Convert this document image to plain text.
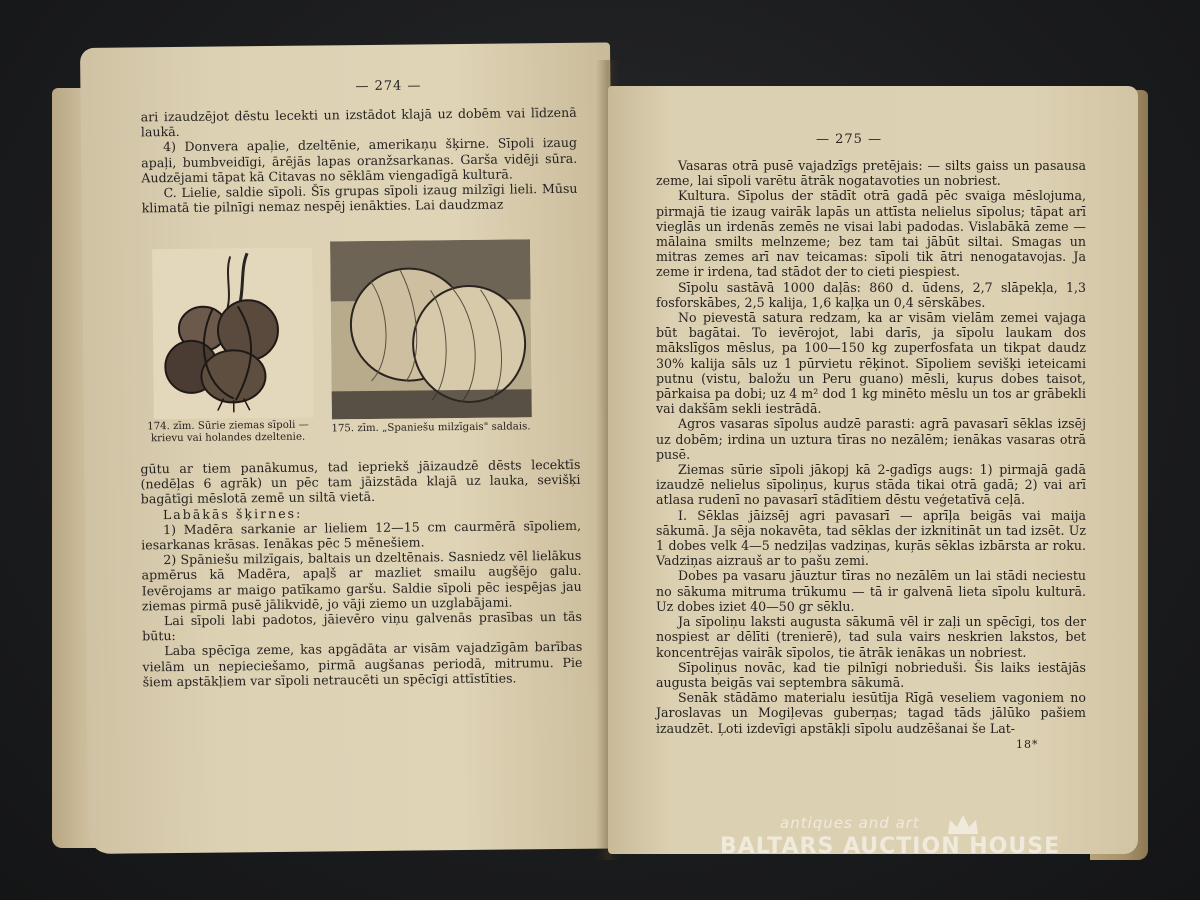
— 274 —

ari izaudzējot dēstu lecekti un izstādot klajā uz dobēm vai līdzenā laukā.

4) Donvera apaļie, dzeltēnie, amerikaņu šķirne. Sīpoli izaug apaļi, bumbveidīgi, ārējās lapas oranžsarkanas. Garša vidēji sūra. Audzējami tāpat kā Citavas no sēklām viengadīgā kulturā.

C. Lielie, saldie sīpoli. Šīs grupas sīpoli izaug milzīgi lieli. Mūsu klimatā tie pilnīgi nemaz nespēj ienākties. Lai daudzmaz

174. zīm. Sūrie ziemas sīpoli — krievu vai holandes dzeltenie.
175. zīm. „Spaniešu milzīgais" saldais.

gūtu ar tiem panākumus, tad iepriekš jāizaudzē dēsts lecektīs (nedēļas 6 agrāk) un pēc tam jāizstāda klajā uz lauka, sevišķi bagātīgi mēslotā zemē un siltā vietā.

Labākās šķirnes:

1) Madēra sarkanie ar lieliem 12—15 cm caurmērā sīpoliem, iesarkanas krāsas. Ienākas pēc 5 mēnešiem.

2) Spāniešu milzīgais, baltais un dzeltēnais. Sasniedz vēl lielākus apmērus kā Madēra, apaļš ar mazliet smailu augšējo galu. Ievērojams ar maigo patīkamo garšu. Saldie sīpoli pēc iespējas jau ziemas pirmā pusē jālikvidē, jo vāji ziemo un uzglabājami.

Lai sīpoli labi padotos, jāievēro viņu galvenās prasības un tās būtu:

Laba spēcīga zeme, kas apgādāta ar visām vajadzīgām barības vielām un nepieciešamo, pirmā augšanas periodā, mitrumu. Pie šiem apstākļiem var sīpoli netraucēti un spēcīgi attīstīties.

— 275 —

Vasaras otrā pusē vajadzīgs pretējais: — silts gaiss un pasausa zeme, lai sīpoli varētu ātrāk nogatavoties un nobriest.

Kultura. Sīpolus der stādīt otrā gadā pēc svaiga mēslojuma, pirmajā tie izaug vairāk lapās un attīsta nelielus sīpolus; tāpat arī vieglās un irdenās zemēs ne visai labi padodas. Vislabākā zeme — mālaina smilts melnzeme; bez tam tai jābūt siltai. Smagas un mitras zemes arī nav teicamas: sīpoli tik ātri nenogatavojas. Ja zeme ir irdena, tad stādot der to cieti piespiest.

Sīpolu sastāvā 1000 daļās: 860 d. ūdens, 2,7 slāpekļa, 1,3 fosforskābes, 2,5 kalija, 1,6 kaļķa un 0,4 sērskābes.

No pievestā satura redzam, ka ar visām vielām zemei vajaga būt bagātai. To ievērojot, labi darīs, ja sīpolu laukam dos mākslīgos mēslus, pa 100—150 kg zuperfosfata un tikpat daudz 30% kalija sāls uz 1 pūrvietu rēķinot. Sīpoliem sevišķi ieteicami putnu (vistu, baložu un Peru guano) mēsli, kuŗus dobes taisot, pārkaisa pa dobi; uz 4 m² dod 1 kg minēto mēslu un tos ar grābekli vai dakšām sekli iestrādā.

Agros vasaras sīpolus audzē parasti: agrā pavasarī sēklas izsēj uz dobēm; irdina un uztura tīras no nezālēm; ienākas vasaras otrā pusē.

Ziemas sūrie sīpoli jākopj kā 2-gadīgs augs: 1) pirmajā gadā izaudzē nelielus sīpoliņus, kuŗus stāda tikai otrā gadā; 2) vai arī atlasa rudenī no pavasarī stādītiem dēstu veģetatīvā ceļā.

I. Sēklas jāizsēj agri pavasarī — aprīļa beigās vai maija sākumā. Ja sēja nokavēta, tad sēklas der izknitināt un tad izsēt. Uz 1 dobes velk 4—5 nedziļas vadziņas, kuŗās sēklas izbārsta ar roku. Vadziņas aizrauš ar to pašu zemi.

Dobes pa vasaru jāuztur tīras no nezālēm un lai stādi neciestu no sākuma mitruma trūkumu — tā ir galvenā lieta sīpolu kulturā. Uz dobes iziet 40—50 gr sēklu.

Ja sīpoliņu laksti augusta sākumā vēl ir zaļi un spēcīgi, tos der nospiest ar dēlīti (trenierē), tad sula vairs neskrien lakstos, bet koncentrējas vairāk sīpolos, tie ātrāk ienākas un nobriest.

Sīpoliņus novāc, kad tie pilnīgi nobrieduši. Šis laiks iestājās augusta beigās vai septembra sākumā.

Senāk stādāmo materialu iesūtīja Rīgā veseliem vagoniem no Jaroslavas un Mogiļevas guberņas; tagad tāds jālūko pašiem izaudzēt. Ļoti izdevīgi apstākļi sīpolu audzēšanai še Lat-

18*
antiques and art
BALTARS AUCTION HOUSE
